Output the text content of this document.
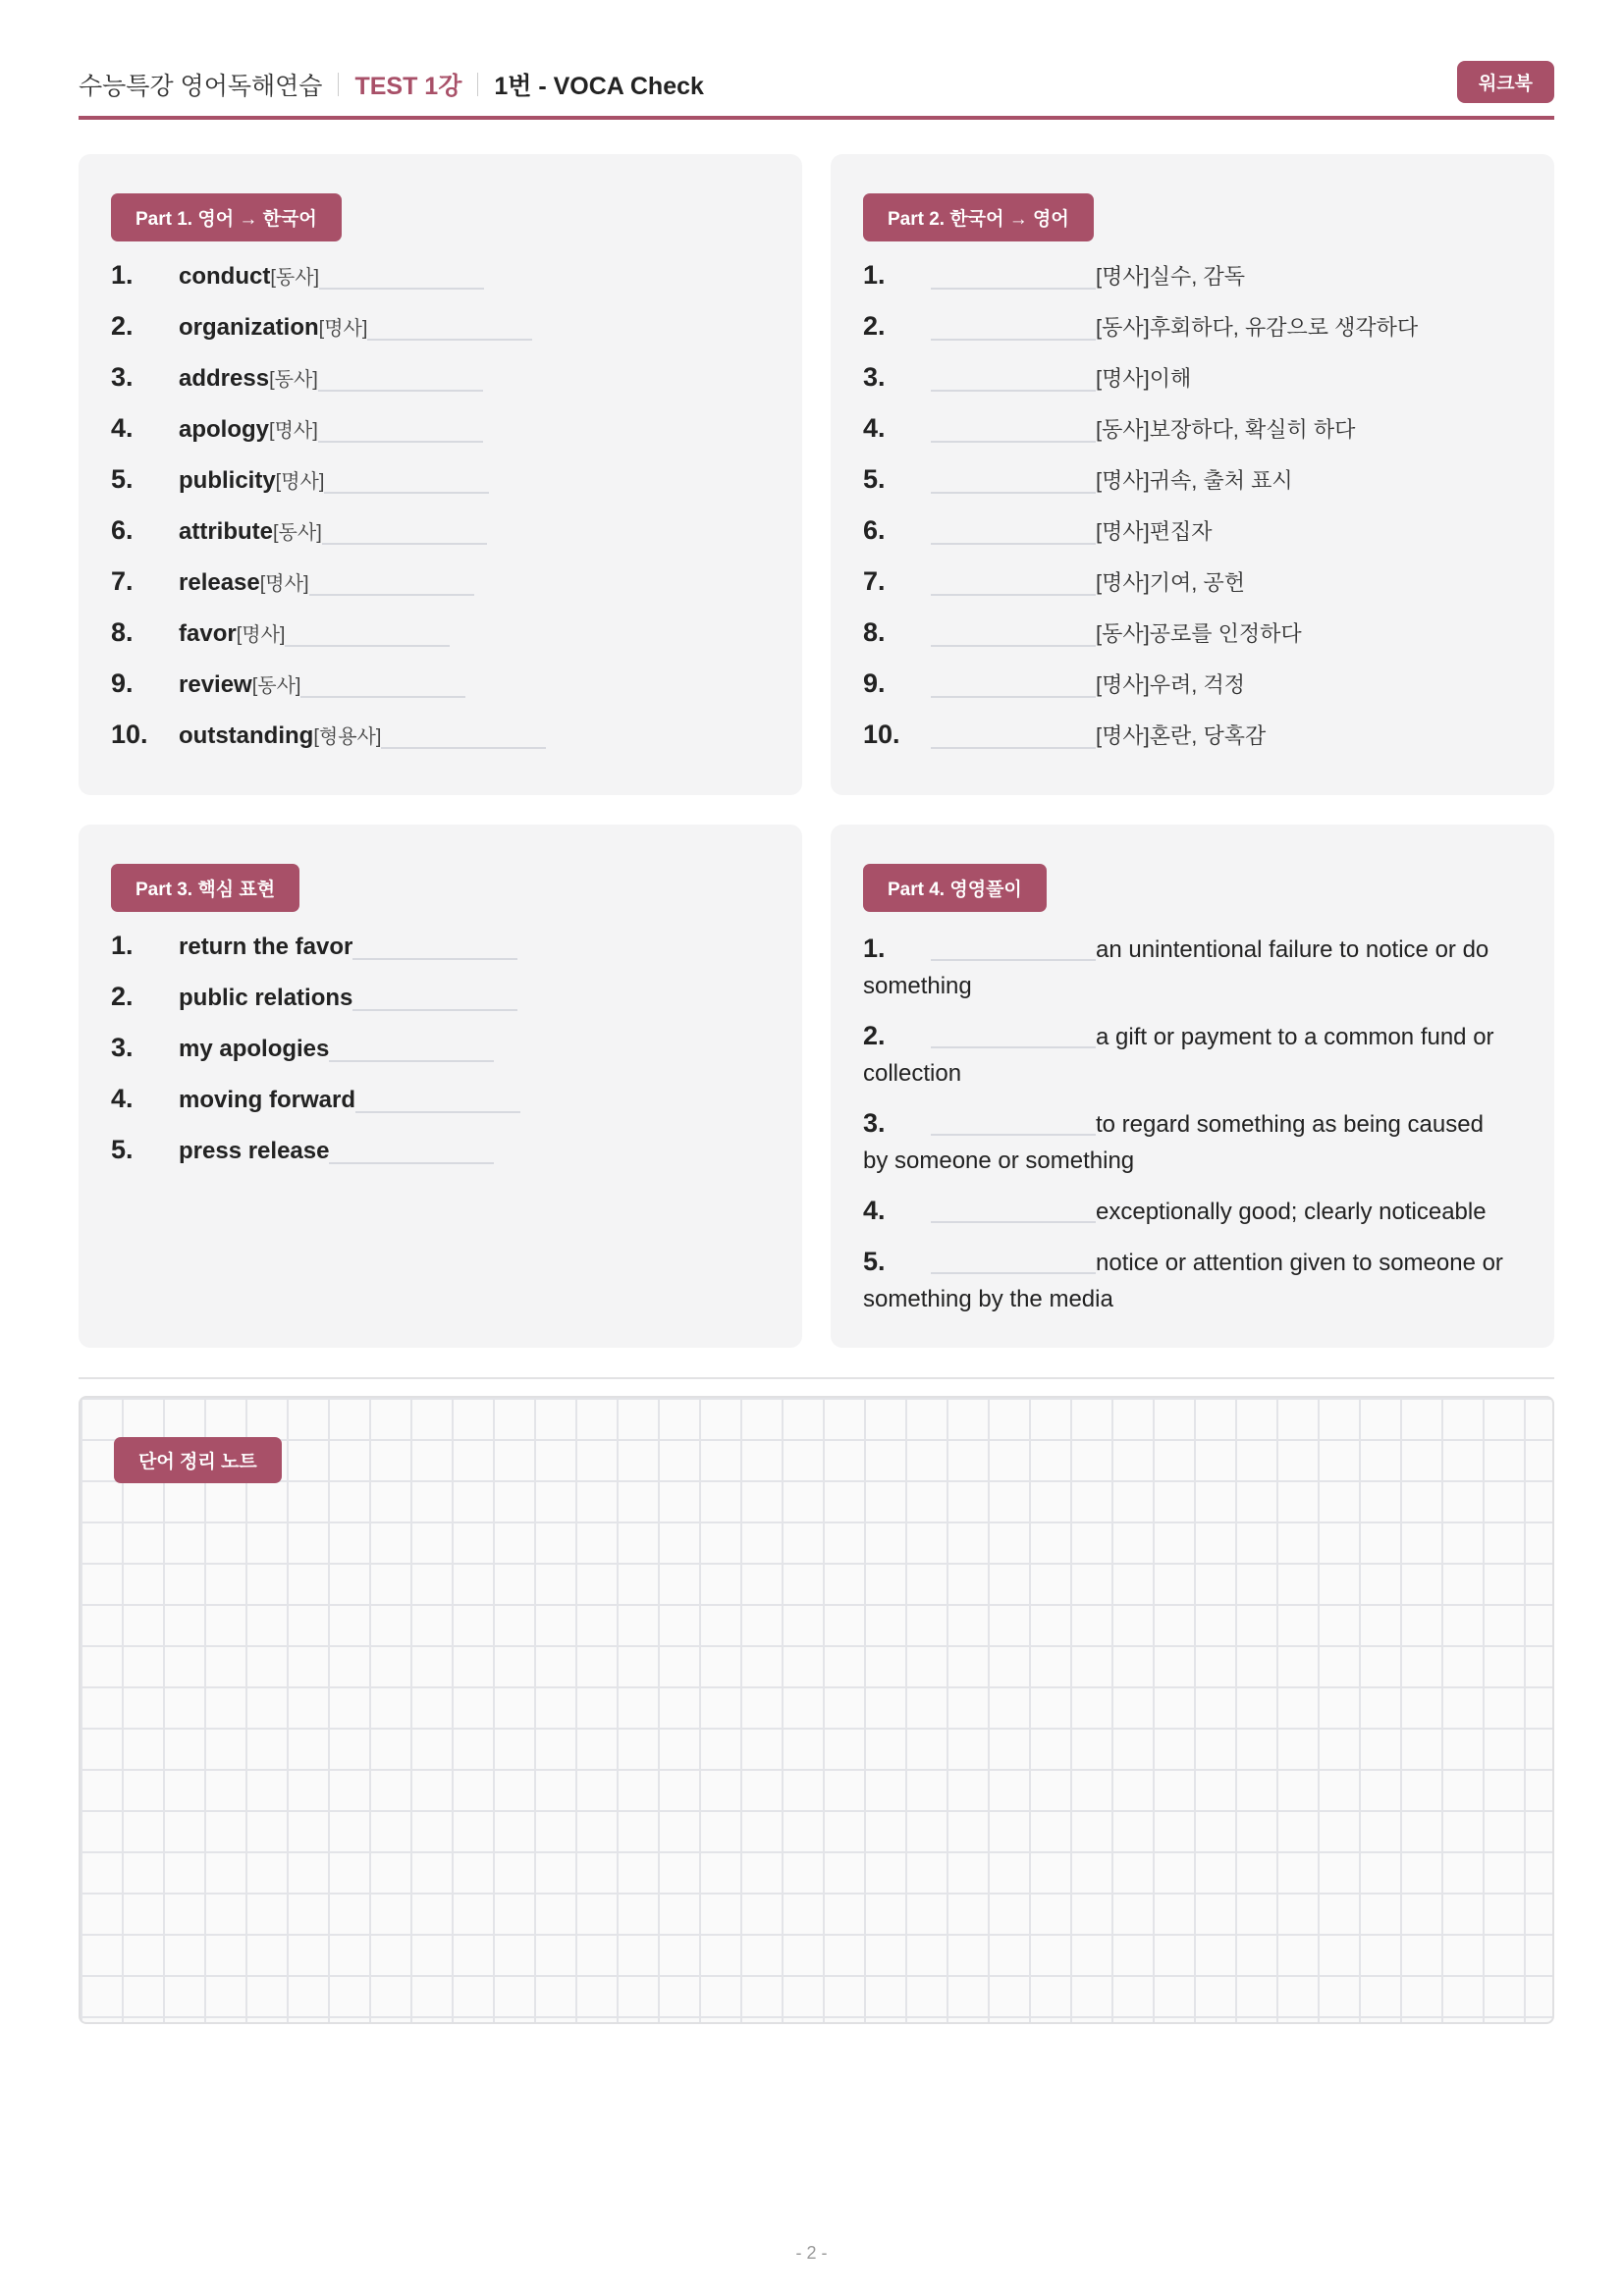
수능특강 영어독해연습 TEST 1강 1번 - VOCA Check	워크북
Part 1. 영어 → 한국어
1.	conduct [동사]
2.	organization [명사]
3.	address [동사]
4.	apology [명사]
5.	publicity [명사]
6.	attribute [동사]
7.	release [명사]
8.	favor [명사]
9.	review [동사]
10.	outstanding [형용사]
Part 2. 한국어 → 영어
1.	[명사]실수, 감독
2.	[동사]후회하다, 유감으로 생각하다
3.	[명사]이해
4.	[동사]보장하다, 확실히 하다
5.	[명사]귀속, 출처 표시
6.	[명사]편집자
7.	[명사]기여, 공헌
8.	[동사]공로를 인정하다
9.	[명사]우려, 걱정
10.	[명사]혼란, 당혹감
Part 3. 핵심 표현
1.	return the favor
2.	public relations
3.	my apologies
4.	moving forward
5.	press release
Part 4. 영영풀이
1.	an unintentional failure to notice or do something
2.	a gift or payment to a common fund or collection
3.	to regard something as being caused by someone or something
4.	exceptionally good; clearly noticeable
5.	notice or attention given to someone or something by the media
단어 정리 노트
- 2 -
